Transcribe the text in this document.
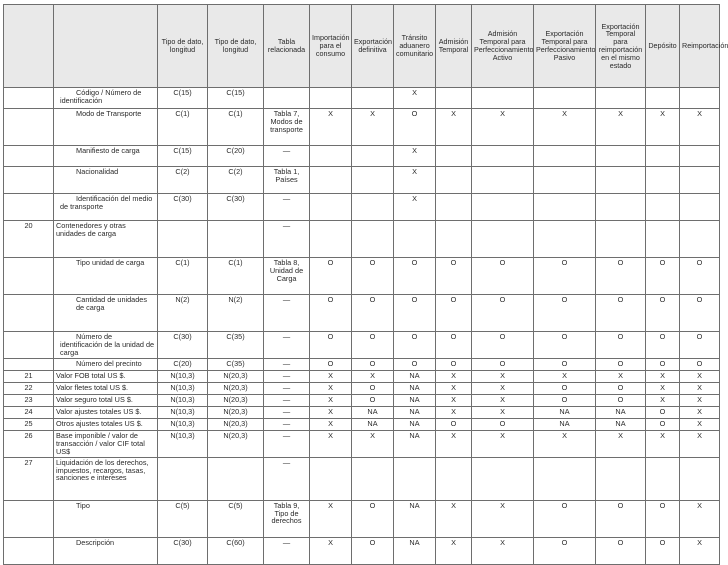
		Tipo de dato, longitud	Tipo de dato, longitud	Tabla relacionada	Importación para el consumo	Exportación definitiva	Tránsito aduanero comunitario	Admisión Temporal	Admisión Temporal para Perfeccionamiento Activo	Exportación Temporal para Perfeccionamiento Pasivo	Exportación Temporal para reimportación en el mismo estado	Depósito	Reimportación
	Código / Número de identificación	C(15)	C(15)				X						
	Modo de Transporte	C(1)	C(1)	Tabla 7, Modos de transporte	X	X	O	X	X	X	X	X	X
	Manifiesto de carga	C(15)	C(20)	—			X						
	Nacionalidad	C(2)	C(2)	Tabla 1, Países			X						
	Identificación del medio de transporte	C(30)	C(30)	—			X						
20	Contenedores y otras unidades de carga			—									
	Tipo unidad de carga	C(1)	C(1)	Tabla 8, Unidad de Carga	O	O	O	O	O	O	O	O	O
	Cantidad de unidades de carga	N(2)	N(2)	—	O	O	O	O	O	O	O	O	O
	Número de identificación de la unidad de carga	C(30)	C(35)	—	O	O	O	O	O	O	O	O	O
	Número del precinto	C(20)	C(35)	—	O	O	O	O	O	O	O	O	O
21	Valor FOB total US $.	N(10,3)	N(20,3)	—	X	X	NA	X	X	X	X	X	X
22	Valor fletes total US $.	N(10,3)	N(20,3)	—	X	O	NA	X	X	O	O	X	X
23	Valor seguro total US $.	N(10,3)	N(20,3)	—	X	O	NA	X	X	O	O	X	X
24	Valor ajustes totales US $.	N(10,3)	N(20,3)	—	X	NA	NA	X	X	NA	NA	O	X
25	Otros ajustes totales US $.	N(10,3)	N(20,3)	—	X	NA	NA	O	O	NA	NA	O	X
26	Base imponible / valor de transacción / valor CIF total US$	N(10,3)	N(20,3)	—	X	X	NA	X	X	X	X	X	X
27	Liquidación de los derechos, impuestos, recargos, tasas, sanciones e intereses			—									
	Tipo	C(5)	C(5)	Tabla 9, Tipo de derechos	X	O	NA	X	X	O	O	O	X
	Descripción	C(30)	C(60)	—	X	O	NA	X	X	O	O	O	X
